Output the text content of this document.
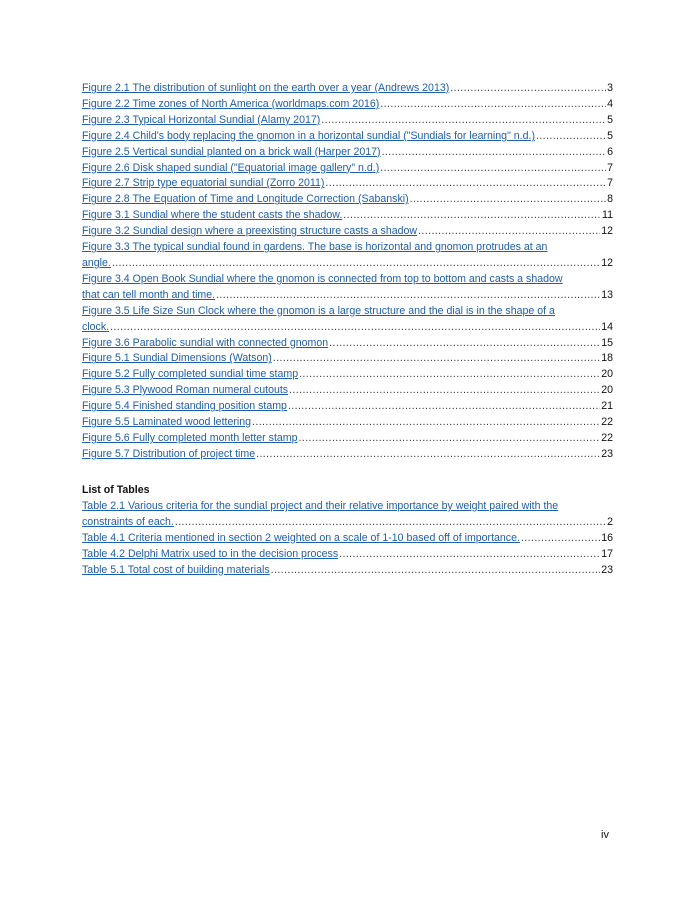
Figure 2.1 The distribution of sunlight on the earth over a year (Andrews 2013) .....	3
Figure 2.2 Time zones of North America (worldmaps.com 2016) .....	4
Figure 2.3 Typical Horizontal Sundial (Alamy 2017) .....	5
Figure 2.4 Child's body replacing the gnomon in a horizontal sundial ("Sundials for learning" n.d.) .....	5
Figure 2.5 Vertical sundial planted on a brick wall (Harper 2017) .....	6
Figure 2.6 Disk shaped sundial ("Equatorial image gallery" n.d.) .....	7
Figure 2.7 Strip type equatorial sundial (Zorro 2011) .....	7
Figure 2.8 The Equation of Time and Longitude Correction (Sabanski) .....	8
Figure 3.1 Sundial where the student casts the shadow. .....	11
Figure 3.2 Sundial design where a preexisting structure casts a shadow .....	12
Figure 3.3 The typical sundial found in gardens. The base is horizontal and gnomon protrudes at an
angle. .....	12
Figure 3.4 Open Book Sundial where the gnomon is connected from top to bottom and casts a shadow
that can tell month and time. .....	13
Figure 3.5 Life Size Sun Clock where the gnomon is a large structure and the dial is in the shape of a
clock. .....	14
Figure 3.6 Parabolic sundial with connected gnomon .....	15
Figure 5.1 Sundial Dimensions (Watson) .....	18
Figure 5.2 Fully completed sundial time stamp .....	20
Figure 5.3 Plywood Roman numeral cutouts .....	20
Figure 5.4 Finished standing position stamp .....	21
Figure 5.5 Laminated wood lettering .....	22
Figure 5.6 Fully completed month letter stamp .....	22
Figure 5.7 Distribution of project time .....	23
List of Tables
Table 2.1 Various criteria for the sundial project and their relative importance by weight paired with the
constraints of each. .....	2
Table 4.1 Criteria mentioned in section 2 weighted on a scale of 1-10 based off of importance. .....	16
Table 4.2 Delphi Matrix used to in the decision process .....	17
Table 5.1 Total cost of building materials .....	23
iv
